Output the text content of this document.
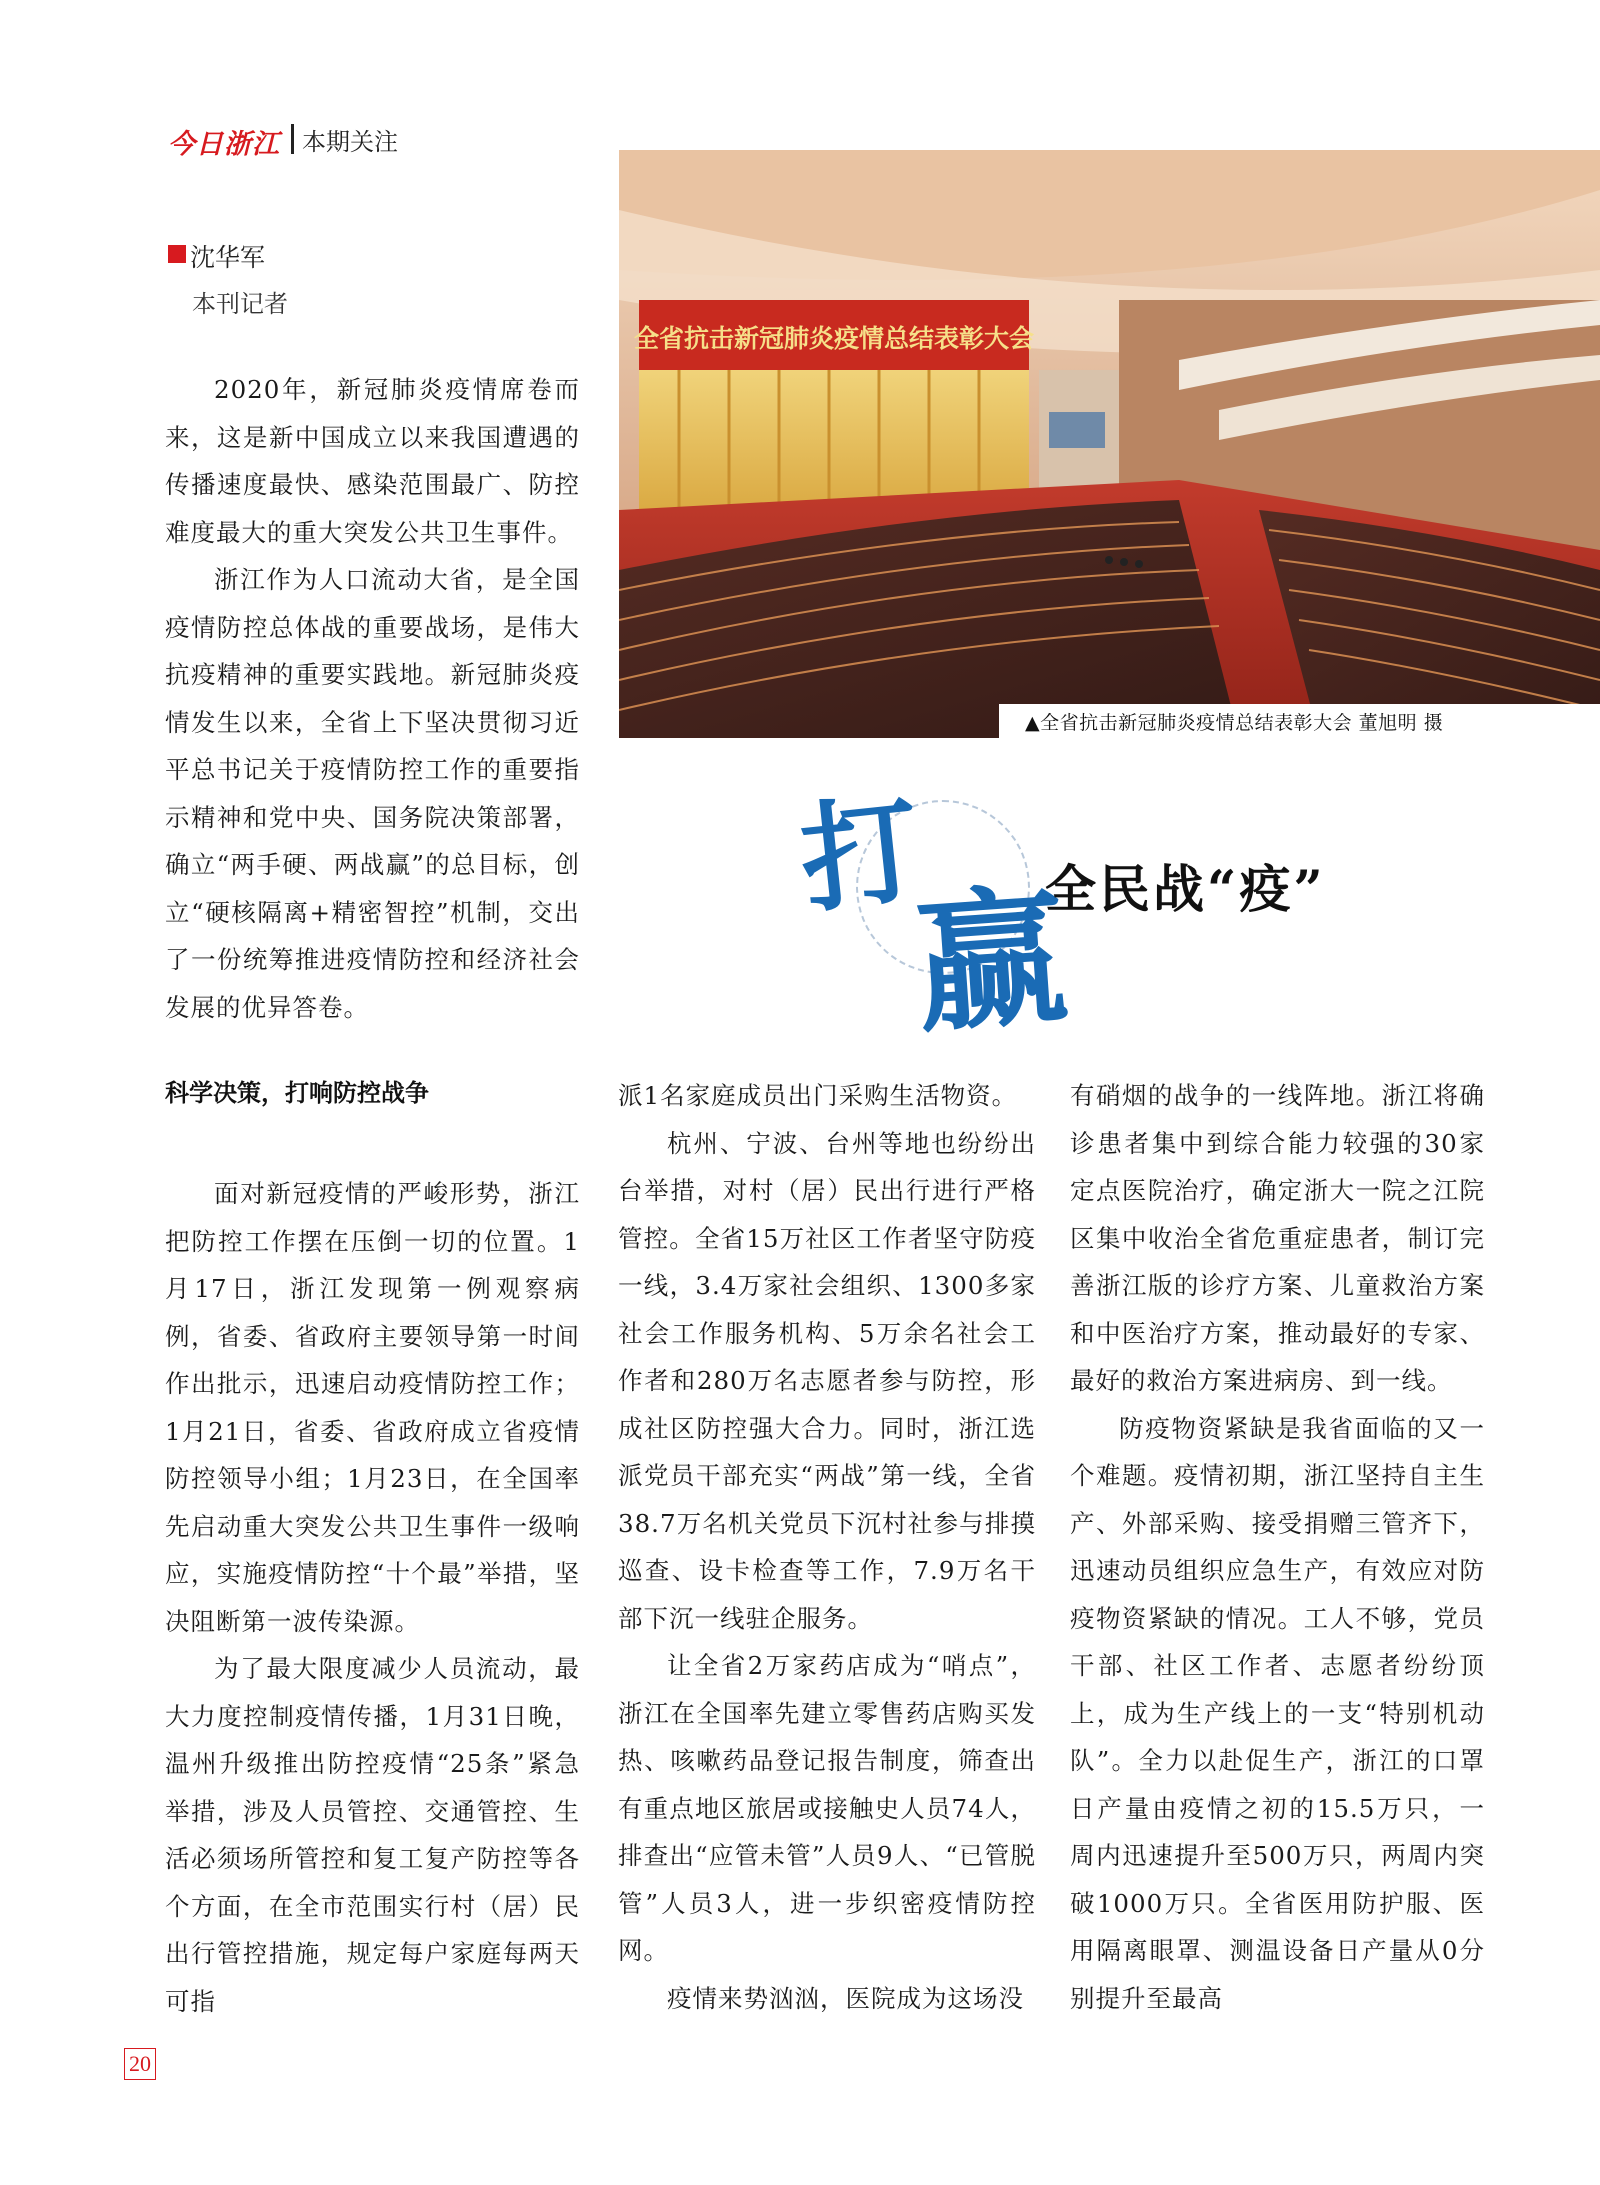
今日浙江 本期关注
沈华军
本刊记者

2020年，新冠肺炎疫情席卷而来，这是新中国成立以来我国遭遇的传播速度最快、感染范围最广、防控难度最大的重大突发公共卫生事件。

浙江作为人口流动大省，是全国疫情防控总体战的重要战场，是伟大抗疫精神的重要实践地。新冠肺炎疫情发生以来，全省上下坚决贯彻习近平总书记关于疫情防控工作的重要指示精神和党中央、国务院决策部署，确立“两手硬、两战赢”的总目标，创立“硬核隔离+精密智控”机制，交出了一份统筹推进疫情防控和经济社会发展的优异答卷。

全省抗击新冠肺炎疫情总结表彰大会
▲全省抗击新冠肺炎疫情总结表彰大会 董旭明 摄
打
赢
全民战“疫”
科学决策，打响防控战争

面对新冠疫情的严峻形势，浙江把防控工作摆在压倒一切的位置。1月17日，浙江发现第一例观察病例，省委、省政府主要领导第一时间作出批示，迅速启动疫情防控工作；1月21日，省委、省政府成立省疫情防控领导小组；1月23日，在全国率先启动重大突发公共卫生事件一级响应，实施疫情防控“十个最”举措，坚决阻断第一波传染源。

为了最大限度减少人员流动，最大力度控制疫情传播，1月31日晚，温州升级推出防控疫情“25条”紧急举措，涉及人员管控、交通管控、生活必须场所管控和复工复产防控等各个方面，在全市范围实行村（居）民出行管控措施，规定每户家庭每两天可指

派1名家庭成员出门采购生活物资。

杭州、宁波、台州等地也纷纷出台举措，对村（居）民出行进行严格管控。全省15万社区工作者坚守防疫一线，3.4万家社会组织、1300多家社会工作服务机构、5万余名社会工作者和280万名志愿者参与防控，形成社区防控强大合力。同时，浙江选派党员干部充实“两战”第一线，全省38.7万名机关党员下沉村社参与排摸巡查、设卡检查等工作，7.9万名干部下沉一线驻企服务。

让全省2万家药店成为“哨点”，浙江在全国率先建立零售药店购买发热、咳嗽药品登记报告制度，筛查出有重点地区旅居或接触史人员74人，排查出“应管未管”人员9人、“已管脱管”人员3人，进一步织密疫情防控网。

疫情来势汹汹，医院成为这场没

有硝烟的战争的一线阵地。浙江将确诊患者集中到综合能力较强的30家定点医院治疗，确定浙大一院之江院区集中收治全省危重症患者，制订完善浙江版的诊疗方案、儿童救治方案和中医治疗方案，推动最好的专家、最好的救治方案进病房、到一线。

防疫物资紧缺是我省面临的又一个难题。疫情初期，浙江坚持自主生产、外部采购、接受捐赠三管齐下，迅速动员组织应急生产，有效应对防疫物资紧缺的情况。工人不够，党员干部、社区工作者、志愿者纷纷顶上，成为生产线上的一支“特别机动队”。全力以赴促生产，浙江的口罩日产量由疫情之初的15.5万只，一周内迅速提升至500万只，两周内突破1000万只。全省医用防护服、医用隔离眼罩、测温设备日产量从0分别提升至最高

20
